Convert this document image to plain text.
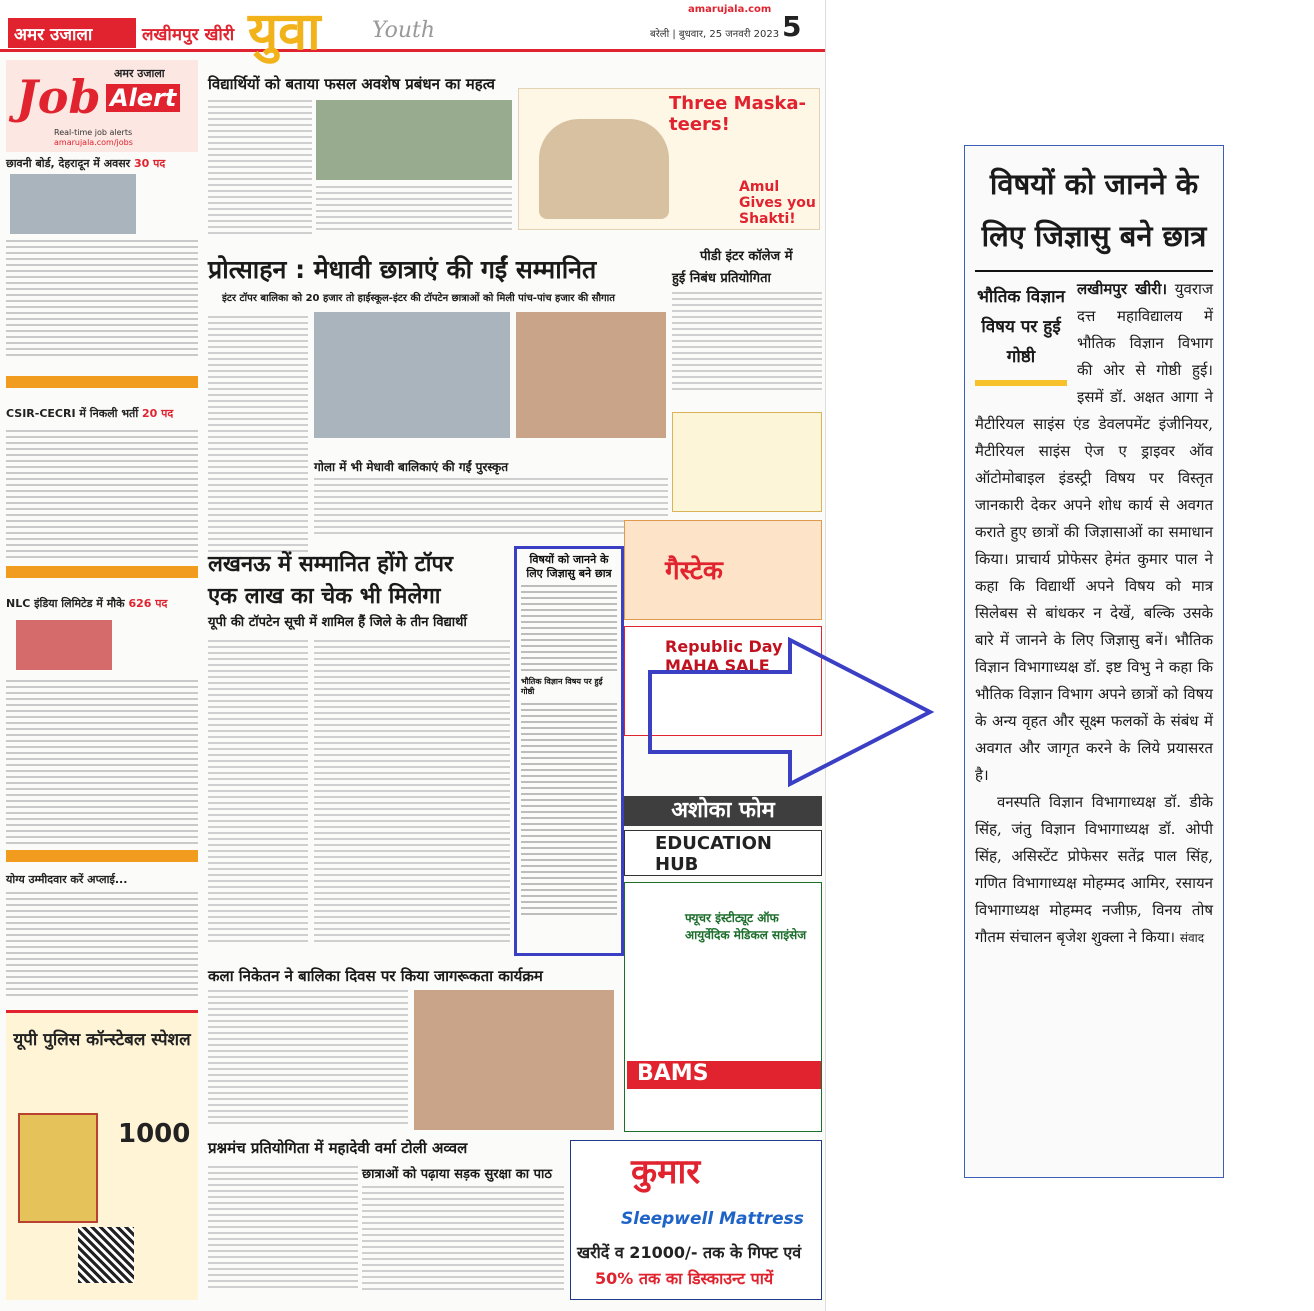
अमर उजाला	लखीमपुर खीरी युवा Youth
amarujala.com
बरेली | बुधवार, 25 जनवरी 2023 5
अमर उजाला
Job Alert
Real-time job alerts
amarujala.com/jobs
छावनी बोर्ड, देहरादून में अवसर 30 पद
CSIR-CECRI में निकली भर्ती 20 पद
NLC इंडिया लिमिटेड में मौके 626 पद
योग्य उम्मीदवार करें अप्लाई...
यूपी पुलिस कॉन्स्टेबल स्पेशल
1000
विद्यार्थियों को बताया फसल अवशेष प्रबंधन का महत्व
Three Maska-teers!
Amul Gives you Shakti!
प्रोत्साहन : मेधावी छात्राएं की गईं सम्मानित
इंटर टॉपर बालिका को 20 हजार तो हाईस्कूल-इंटर की टॉपटेन छात्राओं को मिली पांच-पांच हजार की सौगात
पीडी इंटर कॉलेज में
हुई निबंध प्रतियोगिता
गोला में भी मेधावी बालिकाएं की गईं पुरस्कृत
लखनऊ में सम्मानित होंगे टॉपर
एक लाख का चेक भी मिलेगा
यूपी की टॉपटेन सूची में शामिल हैं जिले के तीन विद्यार्थी
कला निकेतन ने बालिका दिवस पर किया जागरूकता कार्यक्रम
प्रश्नमंच प्रतियोगिता में महादेवी वर्मा टोली अव्वल
छात्राओं को पढ़ाया सड़क सुरक्षा का पाठ
गैस्टेक
Republic Day MAHA SALE
अशोका फोम
EDUCATION HUB
फ्यूचर इंस्टीट्यूट ऑफ आयुर्वेदिक मेडिकल साइंसेज
BAMS
कुमार
Sleepwell Mattress
खरीदें व 21000/- तक के गिफ्ट एवं
50% तक का डिस्काउन्ट पायें
विषयों को जानने के लिए जिज्ञासु बने छात्र
भौतिक विज्ञान विषय पर हुई गोष्ठी
विषयों को जानने के लिए जिज्ञासु बने छात्र
भौतिक विज्ञान विषय पर हुई गोष्ठी
लखीमपुर खीरी। युवराज दत्त महाविद्यालय में भौतिक विज्ञान विभाग की ओर से गोष्ठी हुई। इसमें डॉ. अक्षत आगा ने मैटीरियल साइंस एंड डेवलपमेंट इंजीनियर, मैटीरियल साइंस ऐज ए ड्राइवर ऑव ऑटोमोबाइल इंडस्ट्री विषय पर विस्तृत जानकारी देकर अपने शोध कार्य से अवगत कराते हुए छात्रों की जिज्ञासाओं का समाधान किया। प्राचार्य प्रोफेसर हेमंत कुमार पाल ने कहा कि विद्यार्थी अपने विषय को मात्र सिलेबस से बांधकर न देखें, बल्कि उसके बारे में जानने के लिए जिज्ञासु बनें। भौतिक विज्ञान विभागाध्यक्ष डॉ. इष्ट विभु ने कहा कि भौतिक विज्ञान विभाग अपने छात्रों को विषय के अन्य वृहत और सूक्ष्म फलकों के संबंध में अवगत और जागृत करने के लिये प्रयासरत है।
वनस्पति विज्ञान विभागाध्यक्ष डॉ. डीके सिंह, जंतु विज्ञान विभागाध्यक्ष डॉ. ओपी सिंह, असिस्टेंट प्रोफेसर सतेंद्र पाल सिंह, गणित विभागाध्यक्ष मोहम्मद आमिर, रसायन विभागाध्यक्ष मोहम्मद नजीफ़, विनय तोष गौतम संचालन बृजेश शुक्ला ने किया। संवाद
